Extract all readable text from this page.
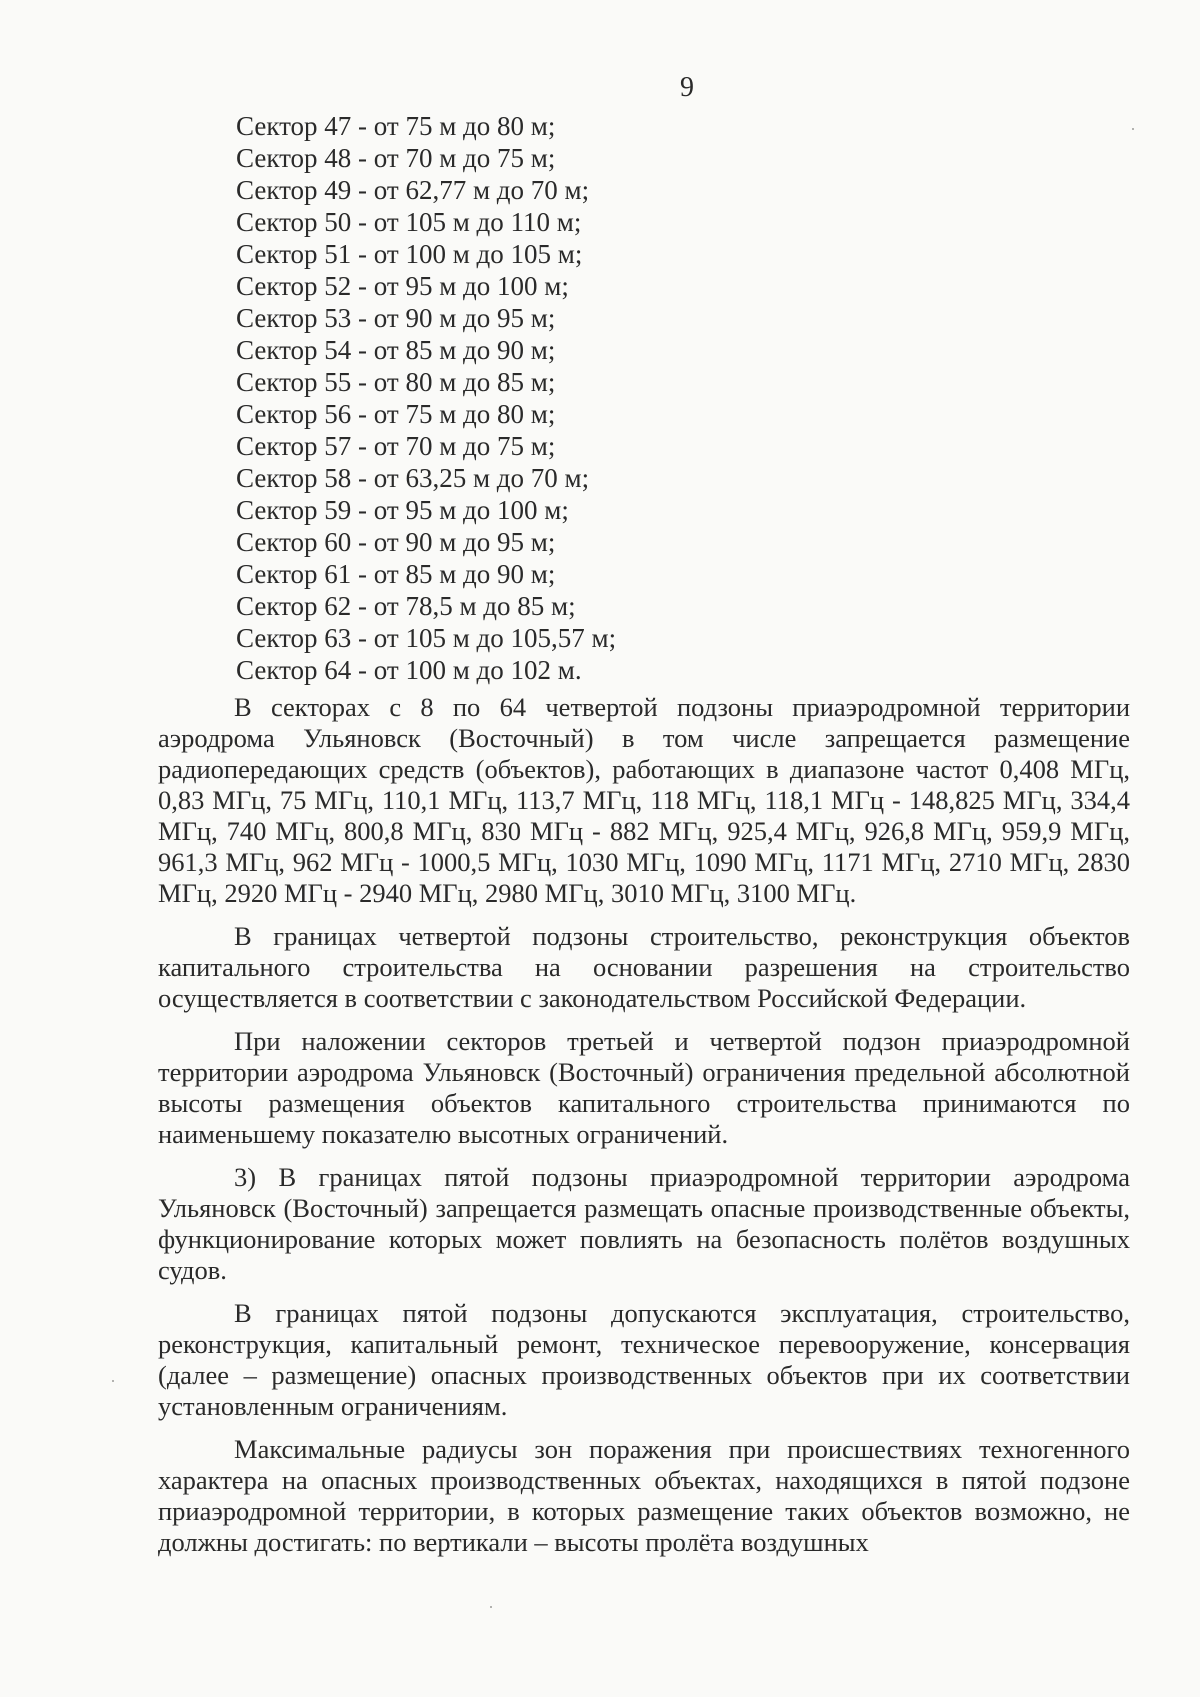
9
Сектор 47 - от 75 м до 80 м;
Сектор 48 - от 70 м до 75 м;
Сектор 49 - от 62,77 м до 70 м;
Сектор 50 - от 105 м до 110 м;
Сектор 51 - от 100 м до 105 м;
Сектор 52 - от 95 м до 100 м;
Сектор 53 - от 90 м до 95 м;
Сектор 54 - от 85 м до 90 м;
Сектор 55 - от 80 м до 85 м;
Сектор 56 - от 75 м до 80 м;
Сектор 57 - от 70 м до 75 м;
Сектор 58 - от 63,25 м до 70 м;
Сектор 59 - от 95 м до 100 м;
Сектор 60 - от 90 м до 95 м;
Сектор 61 - от 85 м до 90 м;
Сектор 62 - от 78,5 м до 85 м;
Сектор 63 - от 105 м до 105,57 м;
Сектор 64 - от 100 м до 102 м.

В секторах с 8 по 64 четвертой подзоны приаэродромной территории аэродрома Ульяновск (Восточный) в том числе запрещается размещение радиопередающих средств (объектов), работающих в диапазоне частот 0,408 МГц, 0,83 МГц, 75 МГц, 110,1 МГц, 113,7 МГц, 118 МГц, 118,1 МГц - 148,825 МГц, 334,4 МГц, 740 МГц, 800,8 МГц, 830 МГц - 882 МГц, 925,4 МГц, 926,8 МГц, 959,9 МГц, 961,3 МГц, 962 МГц - 1000,5 МГц, 1030 МГц, 1090 МГц, 1171 МГц, 2710 МГц, 2830 МГц, 2920 МГц - 2940 МГц, 2980 МГц, 3010 МГц, 3100 МГц.

В границах четвертой подзоны строительство, реконструкция объектов капитального строительства на основании разрешения на строительство осуществляется в соответствии с законодательством Российской Федерации.

При наложении секторов третьей и четвертой подзон приаэродромной территории аэродрома Ульяновск (Восточный) ограничения предельной абсолютной высоты размещения объектов капитального строительства принимаются по наименьшему показателю высотных ограничений.

3) В границах пятой подзоны приаэродромной территории аэродрома Ульяновск (Восточный) запрещается размещать опасные производственные объекты, функционирование которых может повлиять на безопасность полётов воздушных судов.

В границах пятой подзоны допускаются эксплуатация, строительство, реконструкция, капитальный ремонт, техническое перевооружение, консервация (далее – размещение) опасных производственных объектов при их соответствии установленным ограничениям.

Максимальные радиусы зон поражения при происшествиях техногенного характера на опасных производственных объектах, находящихся в пятой подзоне приаэродромной территории, в которых размещение таких объектов возможно, не должны достигать: по вертикали – высоты пролёта воздушных
